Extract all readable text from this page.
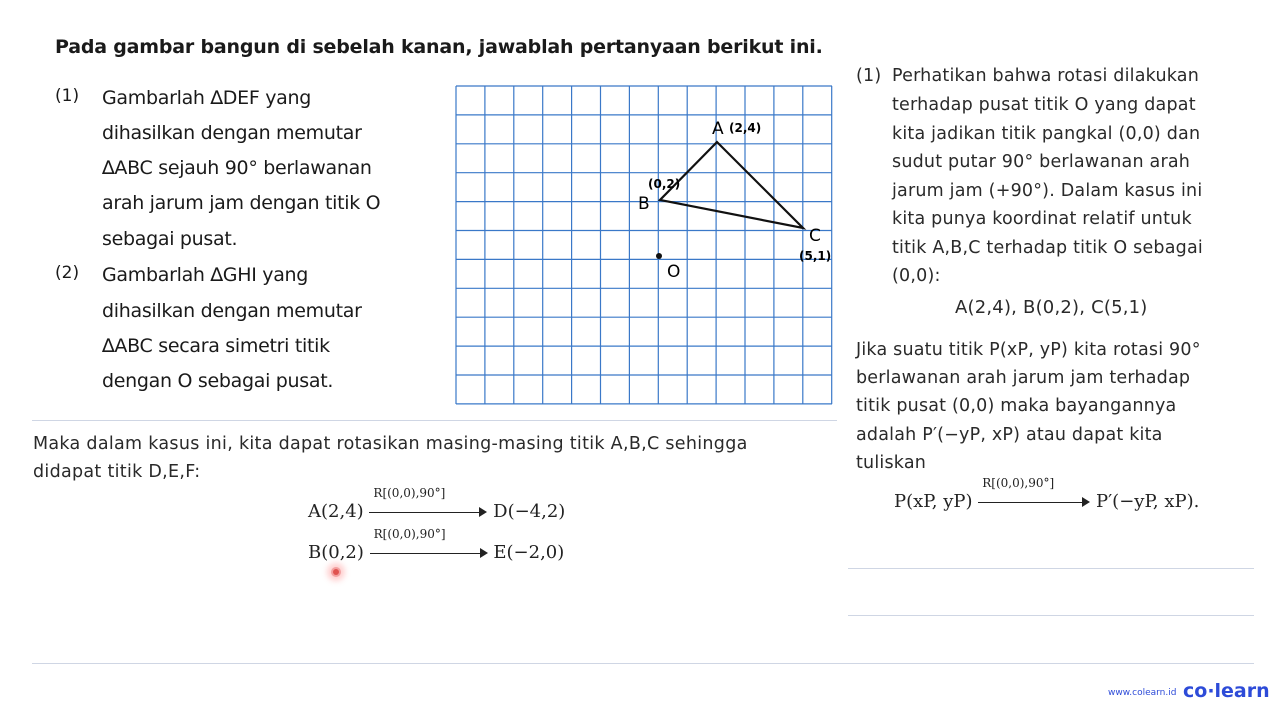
Pada gambar bangun di sebelah kanan, jawablah pertanyaan berikut ini.
(1) Gambarlah ∆DEF yang
dihasilkan dengan memutar
∆ABC sejauh 90° berlawanan
arah jarum jam dengan titik O
sebagai pusat.
(2) Gambarlah ∆GHI yang
dihasilkan dengan memutar
∆ABC secara simetri titik
dengan O sebagai pusat.
A (2,4)
B
(0,2)
C
(5,1)
O
Maka dalam kasus ini, kita dapat rotasikan masing-masing titik A,B,C sehingga
didapat titik D,E,F:
A(2,4)
R[(0,0),90°]
D(−4,2)
B(0,2)
R[(0,0),90°]
E(−2,0)
(1) Perhatikan bahwa rotasi dilakukan
terhadap pusat titik O yang dapat
kita jadikan titik pangkal (0,0) dan
sudut putar 90° berlawanan arah
jarum jam (+90°). Dalam kasus ini
kita punya koordinat relatif untuk
titik A,B,C terhadap titik O sebagai
(0,0):
A(2,4), B(0,2), C(5,1)
Jika suatu titik P(xP, yP) kita rotasi 90°
berlawanan arah jarum jam terhadap
titik pusat (0,0) maka bayangannya
adalah P′(−yP, xP) atau dapat kita
tuliskan
P(xP, yP)
R[(0,0),90°]
P′(−yP, xP).
www.colearn.id co·learn
